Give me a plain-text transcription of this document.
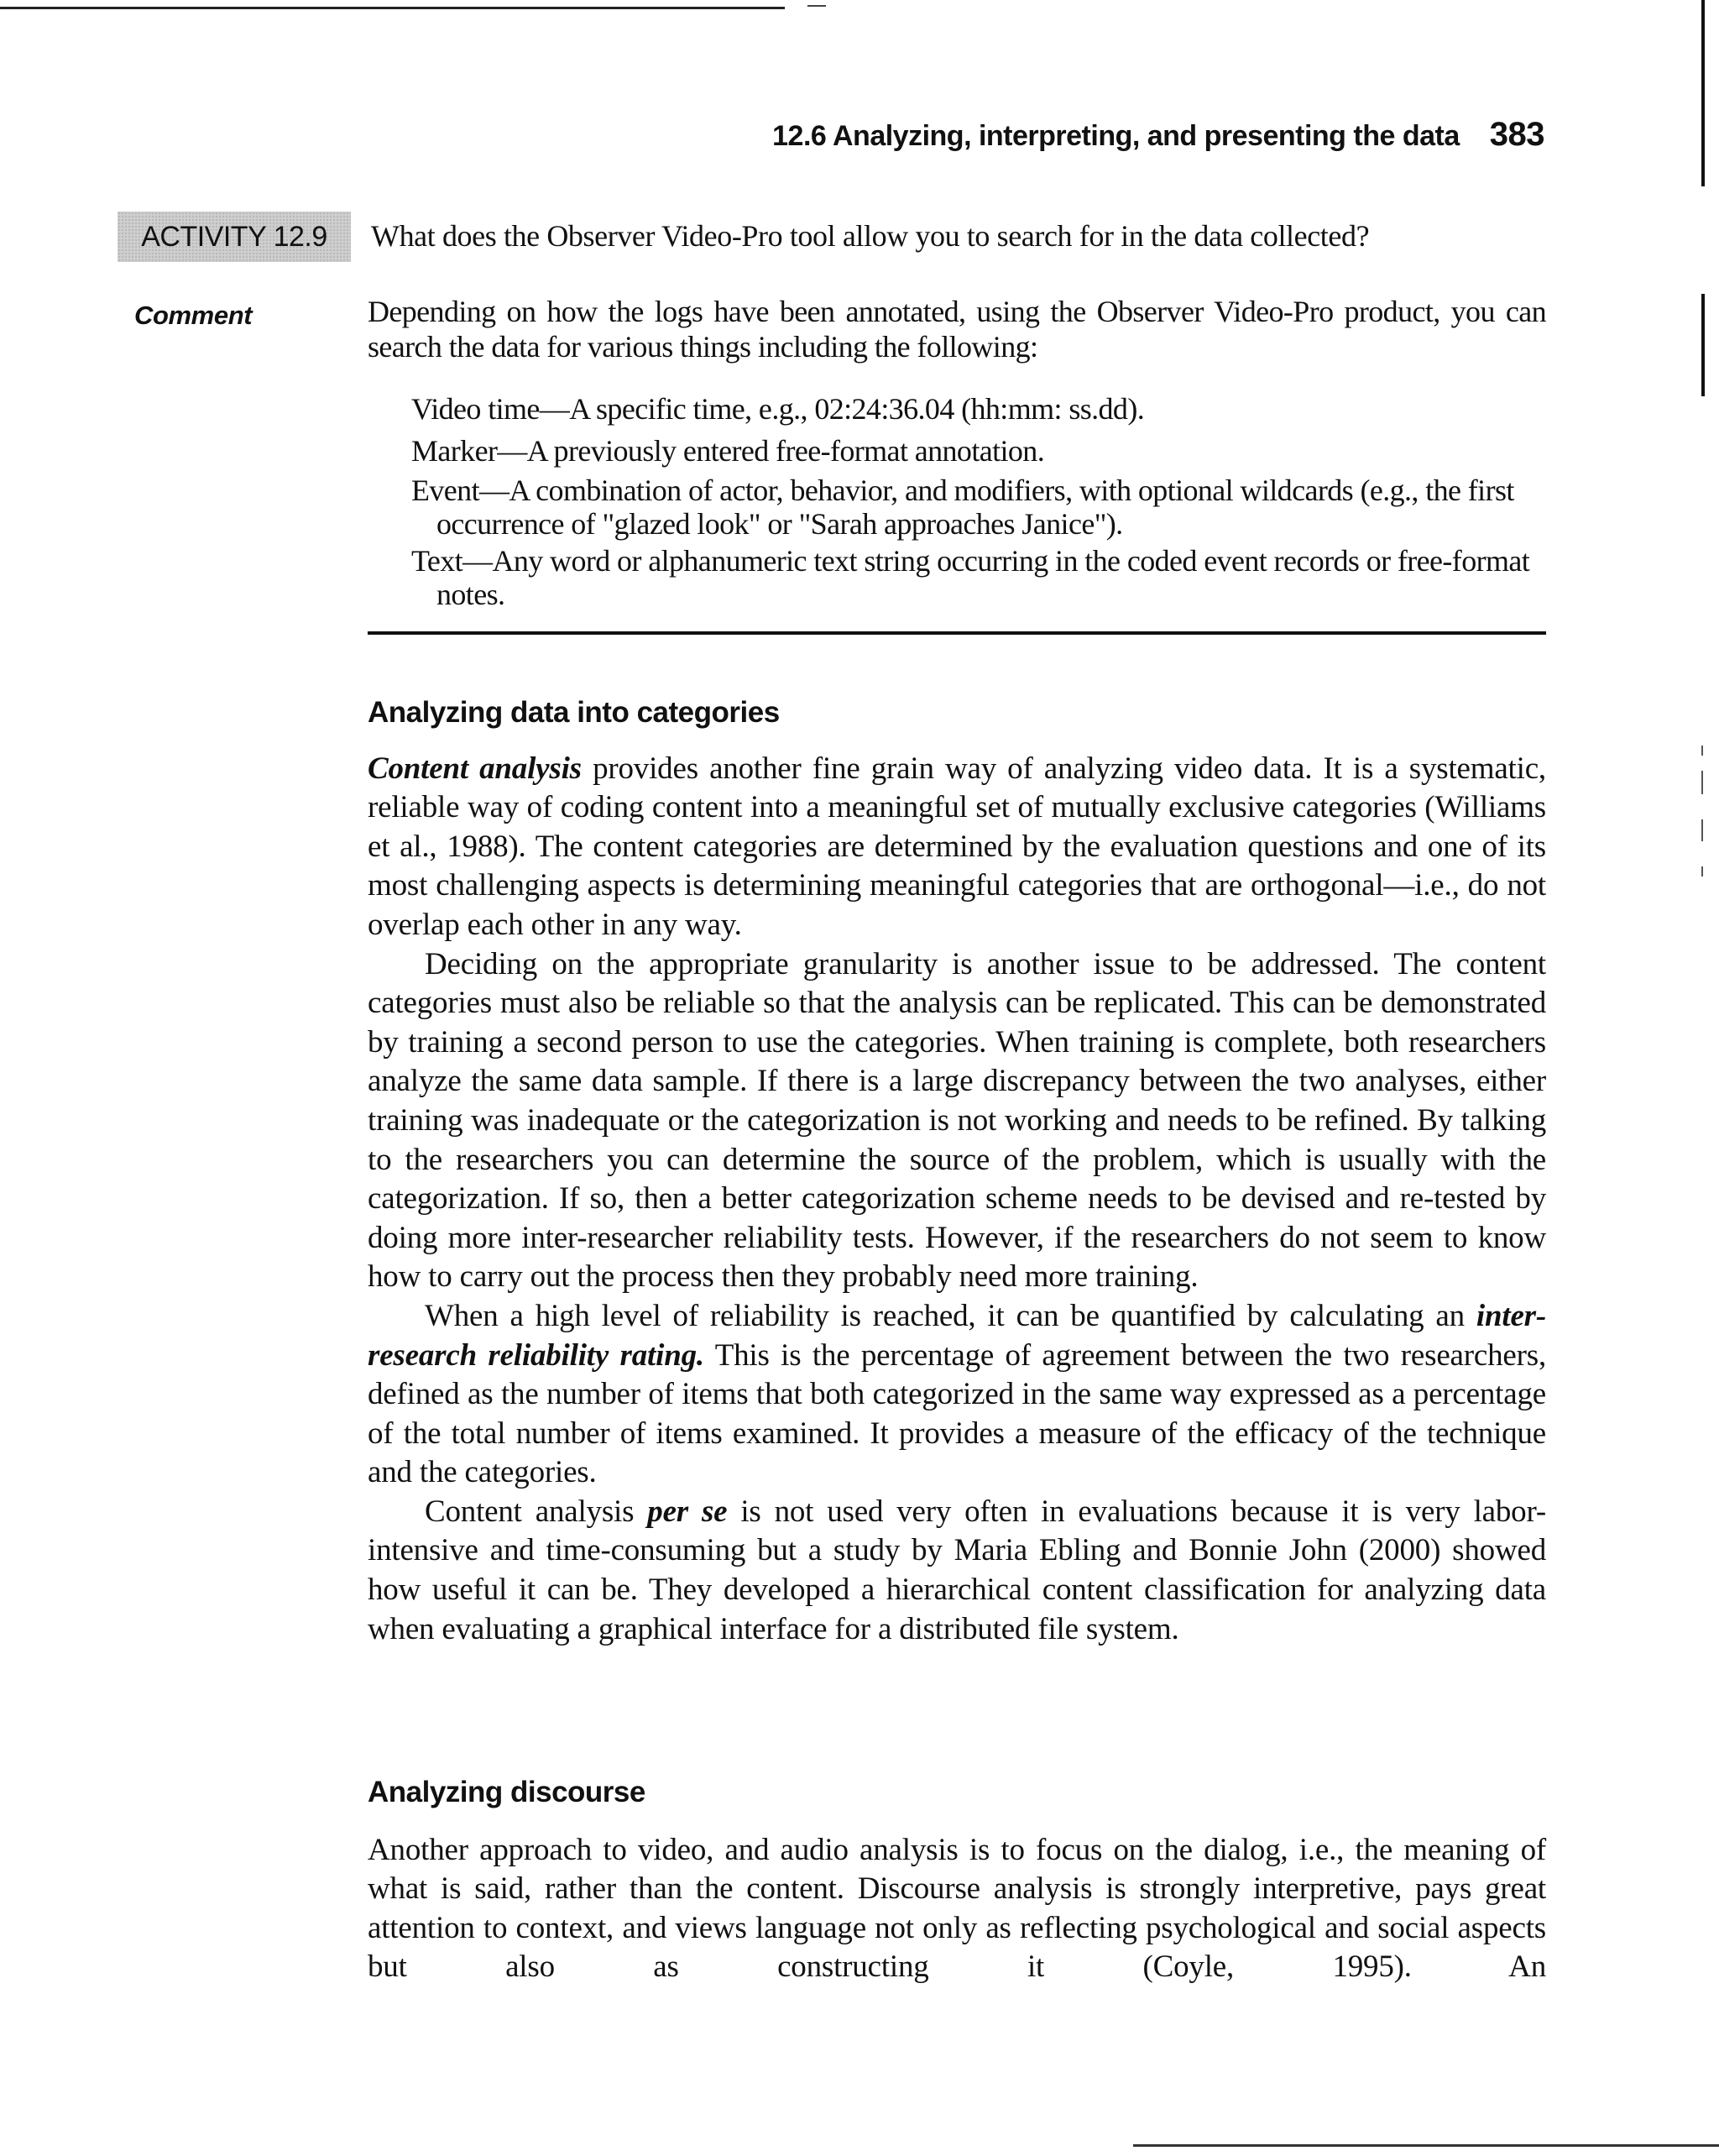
12.6 Analyzing, interpreting, and presenting the data 383
ACTIVITY 12.9	What does the Observer Video-Pro tool allow you to search for in the data collected?
Comment	Depending on how the logs have been annotated, using the Observer Video-Pro product, you can search the data for various things including the following:

Video time—A specific time, e.g., 02:24:36.04 (hh:mm: ss.dd).
Marker—A previously entered free-format annotation.
Event—A combination of actor, behavior, and modifiers, with optional wildcards (e.g., the first occurrence of "glazed look" or "Sarah approaches Janice").
Text—Any word or alphanumeric text string occurring in the coded event records or free-format notes.
Analyzing data into categories

Content analysis provides another fine grain way of analyzing video data. It is a systematic, reliable way of coding content into a meaningful set of mutually exclusive categories (Williams et al., 1988). The content categories are determined by the evaluation questions and one of its most challenging aspects is determining meaningful categories that are orthogonal—i.e., do not overlap each other in any way.

Deciding on the appropriate granularity is another issue to be addressed. The content categories must also be reliable so that the analysis can be replicated. This can be demonstrated by training a second person to use the categories. When training is complete, both researchers analyze the same data sample. If there is a large discrepancy between the two analyses, either training was inadequate or the categorization is not working and needs to be refined. By talking to the researchers you can determine the source of the problem, which is usually with the categorization. If so, then a better categorization scheme needs to be devised and re-tested by doing more inter-researcher reliability tests. However, if the researchers do not seem to know how to carry out the process then they probably need more training.

When a high level of reliability is reached, it can be quantified by calculating an inter-research reliability rating. This is the percentage of agreement between the two researchers, defined as the number of items that both categorized in the same way expressed as a percentage of the total number of items examined. It provides a measure of the efficacy of the technique and the categories.

Content analysis per se is not used very often in evaluations because it is very labor-intensive and time-consuming but a study by Maria Ebling and Bonnie John (2000) showed how useful it can be. They developed a hierarchical content classification for analyzing data when evaluating a graphical interface for a distributed file system.

Analyzing discourse

Another approach to video, and audio analysis is to focus on the dialog, i.e., the meaning of what is said, rather than the content. Discourse analysis is strongly interpretive, pays great attention to context, and views language not only as reflecting psychological and social aspects but also as constructing it (Coyle, 1995). An
